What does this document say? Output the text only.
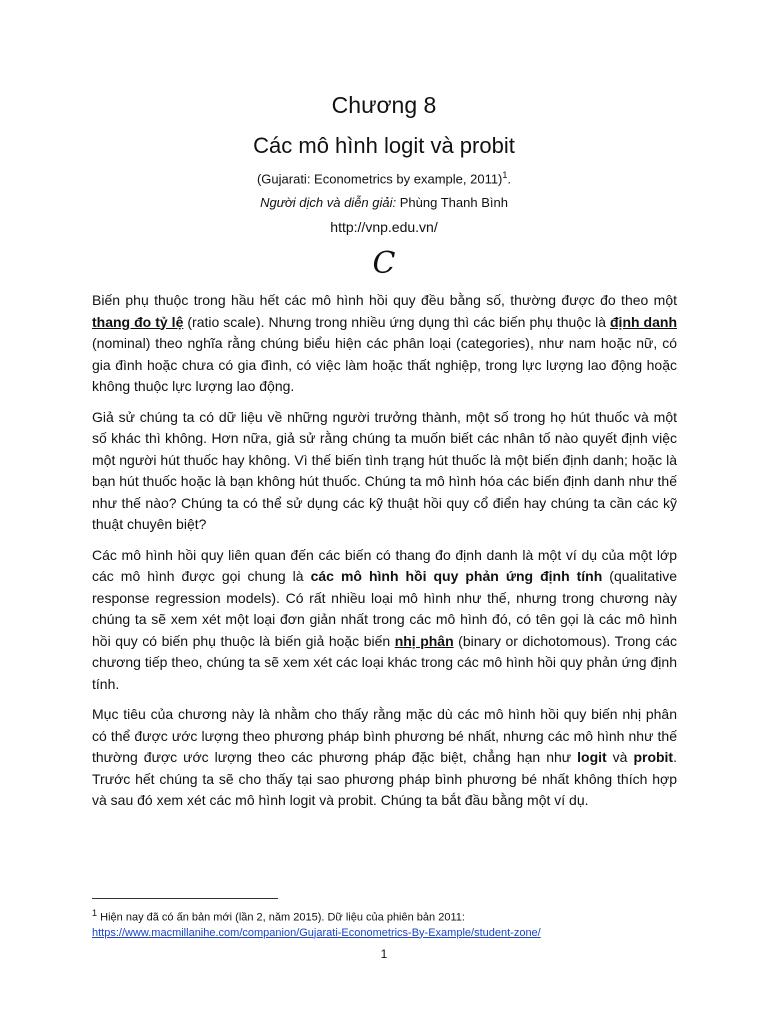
Chương 8
Các mô hình logit và probit
(Gujarati: Econometrics by example, 2011)$^1$.
Người dịch và diễn giải: Phùng Thanh Bình
http://vnp.edu.vn/
C

Biến phụ thuộc trong hầu hết các mô hình hồi quy đều bằng số, thường được đo theo một thang đo tỷ lệ (ratio scale). Nhưng trong nhiều ứng dụng thì các biến phụ thuộc là định danh (nominal) theo nghĩa rằng chúng biểu hiện các phân loại (categories), như nam hoặc nữ, có gia đình hoặc chưa có gia đình, có việc làm hoặc thất nghiệp, trong lực lượng lao động hoặc không thuộc lực lượng lao động.

Giả sử chúng ta có dữ liệu về những người trưởng thành, một số trong họ hút thuốc và một số khác thì không. Hơn nữa, giả sử rằng chúng ta muốn biết các nhân tố nào quyết định việc một người hút thuốc hay không. Vì thế biến tình trạng hút thuốc là một biến định danh; hoặc là bạn hút thuốc hoặc là bạn không hút thuốc. Chúng ta mô hình hóa các biến định danh như thế như thế nào? Chúng ta có thể sử dụng các kỹ thuật hồi quy cổ điển hay chúng ta cần các kỹ thuật chuyên biệt?

Các mô hình hồi quy liên quan đến các biến có thang đo định danh là một ví dụ của một lớp các mô hình được gọi chung là các mô hình hồi quy phản ứng định tính (qualitative response regression models). Có rất nhiều loại mô hình như thế, nhưng trong chương này chúng ta sẽ xem xét một loại đơn giản nhất trong các mô hình đó, có tên gọi là các mô hình hồi quy có biến phụ thuộc là biến giả hoặc biến nhị phân (binary or dichotomous). Trong các chương tiếp theo, chúng ta sẽ xem xét các loại khác trong các mô hình hồi quy phản ứng định tính.

Mục tiêu của chương này là nhằm cho thấy rằng mặc dù các mô hình hồi quy biến nhị phân có thể được ước lượng theo phương pháp bình phương bé nhất, nhưng các mô hình như thế thường được ước lượng theo các phương pháp đặc biệt, chẳng hạn như logit và probit. Trước hết chúng ta sẽ cho thấy tại sao phương pháp bình phương bé nhất không thích hợp và sau đó xem xét các mô hình logit và probit. Chúng ta bắt đầu bằng một ví dụ.

$^1$ Hiện nay đã có ấn bản mới (lần 2, năm 2015). Dữ liệu của phiên bản 2011:
https://www.macmillanihe.com/companion/Gujarati-Econometrics-By-Example/student-zone/
1
